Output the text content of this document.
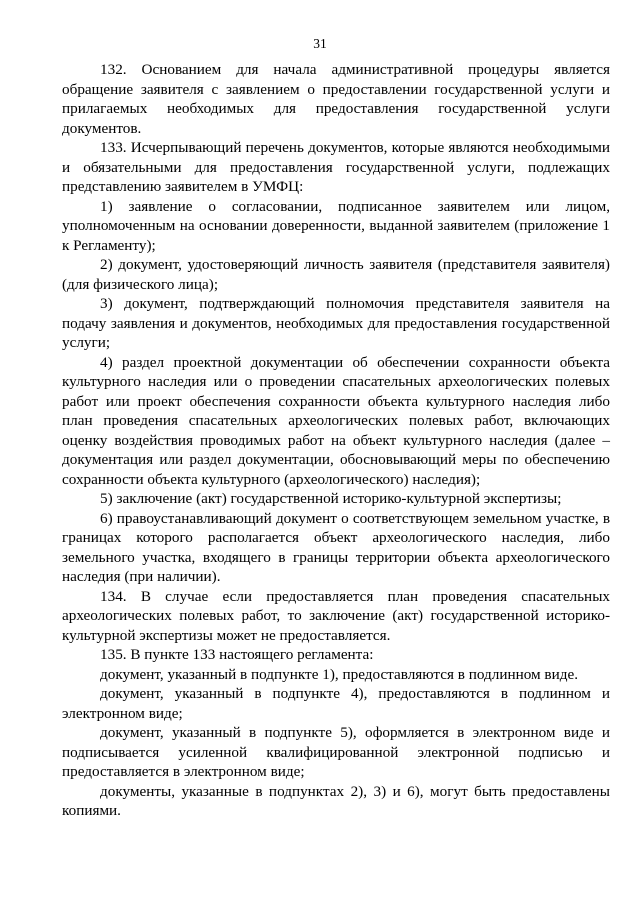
31

132. Основанием для начала административной процедуры является обращение заявителя с заявлением о предоставлении государственной услуги и прилагаемых необходимых для предоставления государственной услуги документов.

133. Исчерпывающий перечень документов, которые являются необходимыми и обязательными для предоставления государственной услуги, подлежащих представлению заявителем в УМФЦ:

1) заявление о согласовании, подписанное заявителем или лицом, уполномоченным на основании доверенности, выданной заявителем (приложение 1 к Регламенту);

2) документ, удостоверяющий личность заявителя (представителя заявителя) (для физического лица);

3) документ, подтверждающий полномочия представителя заявителя на подачу заявления и документов, необходимых для предоставления государственной услуги;

4) раздел проектной документации об обеспечении сохранности объекта культурного наследия или о проведении спасательных археологических полевых работ или проект обеспечения сохранности объекта культурного наследия либо план проведения спасательных археологических полевых работ, включающих оценку воздействия проводимых работ на объект культурного наследия (далее – документация или раздел документации, обосновывающий меры по обеспечению сохранности объекта культурного (археологического) наследия);

5) заключение (акт) государственной историко-культурной экспертизы;

6) правоустанавливающий документ о соответствующем земельном участке, в границах которого располагается объект археологического наследия, либо земельного участка, входящего в границы территории объекта археологического наследия (при наличии).

134. В случае если предоставляется план проведения спасательных археологических полевых работ, то заключение (акт) государственной историко-культурной экспертизы может не предоставляется.

135. В пункте 133 настоящего регламента:

документ, указанный в подпункте 1), предоставляются в подлинном виде.

документ, указанный в подпункте 4), предоставляются в подлинном и электронном виде;

документ, указанный в подпункте 5), оформляется в электронном виде и подписывается усиленной квалифицированной электронной подписью и предоставляется в электронном виде;

документы, указанные в подпунктах 2), 3) и 6), могут быть предоставлены копиями.
